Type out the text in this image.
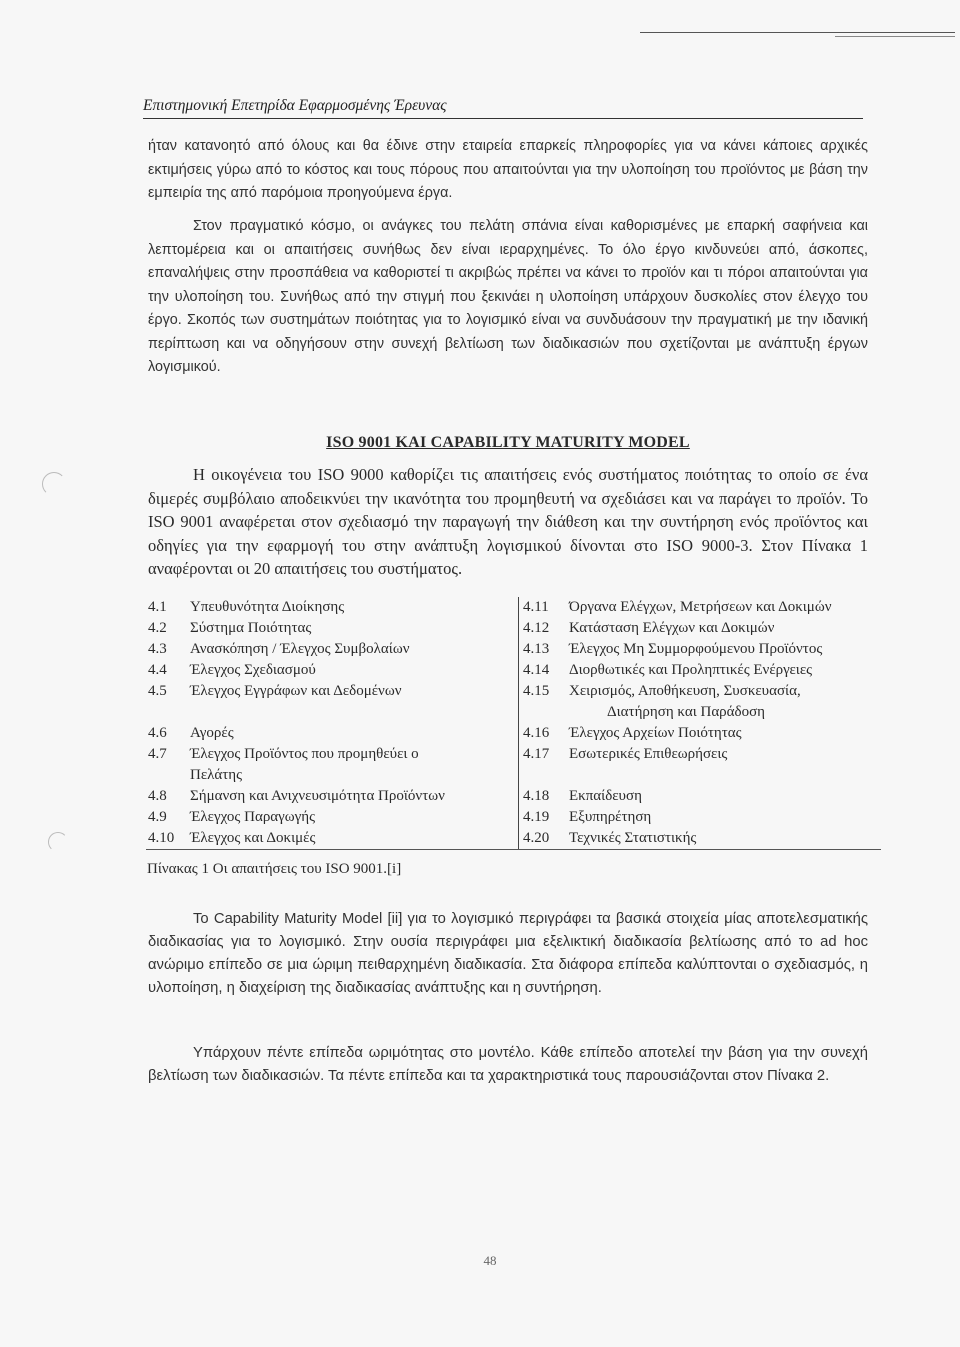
Επιστημονική Επετηρίδα Εφαρμοσμένης Έρευνας

ήταν κατανοητό από όλους και θα έδινε στην εταιρεία επαρκείς πληροφορίες για να κάνει κάποιες αρχικές εκτιμήσεις γύρω από το κόστος και τους πόρους που απαιτούνται για την υλοποίηση του προϊόντος με βάση την εμπειρία της από παρόμοια προηγούμενα έργα.

Στον πραγματικό κόσμο, οι ανάγκες του πελάτη σπάνια είναι καθορισμένες με επαρκή σαφήνεια και λεπτομέρεια και οι απαιτήσεις συνήθως δεν είναι ιεραρχημένες. Το όλο έργο κινδυνεύει από, άσκοπες, επαναλήψεις στην προσπάθεια να καθοριστεί τι ακριβώς πρέπει να κάνει το προϊόν και τι πόροι απαιτούνται για την υλοποίηση του. Συνήθως από την στιγμή που ξεκινάει η υλοποίηση υπάρχουν δυσκολίες στον έλεγχο του έργο. Σκοπός των συστημάτων ποιότητας για το λογισμικό είναι να συνδυάσουν την πραγματική με την ιδανική περίπτωση και να οδηγήσουν στην συνεχή βελτίωση των διαδικασιών που σχετίζονται με ανάπτυξη έργων λογισμικού.

ISO 9001 ΚΑΙ CAPABILITY MATURITY MODEL

Η οικογένεια του ISO 9000 καθορίζει τις απαιτήσεις ενός συστήματος ποιότητας το οποίο σε ένα διμερές συμβόλαιο αποδεικνύει την ικανότητα του προμηθευτή να σχεδιάσει και να παράγει το προϊόν. Το ISO 9001 αναφέρεται στον σχεδιασμό την παραγωγή την διάθεση και την συντήρηση ενός προϊόντος και οδηγίες για την εφαρμογή του στην ανάπτυξη λογισμικού δίνονται στο ISO 9000-3. Στον Πίνακα 1 αναφέρονται οι 20 απαιτήσεις του συστήματος.

4.1	Υπευθυνότητα Διοίκησης	4.11	Όργανα Ελέγχων, Μετρήσεων και Δοκιμών
4.2	Σύστημα Ποιότητας	4.12	Κατάσταση Ελέγχων και Δοκιμών
4.3	Ανασκόπηση / Έλεγχος Συμβολαίων	4.13	Έλεγχος Μη Συμμορφούμενου Προϊόντος
4.4	Έλεγχος Σχεδιασμού	4.14	Διορθωτικές και Προληπτικές Ενέργειες
4.5	Έλεγχος Εγγράφων και Δεδομένων	4.15	Χειρισμός, Αποθήκευση, Συσκευασία,
			Διατήρηση και Παράδοση
4.6	Αγορές	4.16	Έλεγχος Αρχείων Ποιότητας
4.7	Έλεγχος Προϊόντος που προμηθεύει ο	4.17	Εσωτερικές Επιθεωρήσεις
	Πελάτης		
4.8	Σήμανση και Ανιχνευσιμότητα Προϊόντων	4.18	Εκπαίδευση
4.9	Έλεγχος Παραγωγής	4.19	Εξυπηρέτηση
4.10	Έλεγχος και Δοκιμές	4.20	Τεχνικές Στατιστικής
Πίνακας 1 Οι απαιτήσεις του ISO 9001.[i]

Το Capability Maturity Model [ii] για το λογισμικό περιγράφει τα βασικά στοιχεία μίας αποτελεσματικής διαδικασίας για το λογισμικό. Στην ουσία περιγράφει μια εξελικτική διαδικασία βελτίωσης από το ad hoc ανώριμο επίπεδο σε μια ώριμη πειθαρχημένη διαδικασία. Στα διάφορα επίπεδα καλύπτονται ο σχεδιασμός, η υλοποίηση, η διαχείριση της διαδικασίας ανάπτυξης και η συντήρηση.

Υπάρχουν πέντε επίπεδα ωριμότητας στο μοντέλο. Κάθε επίπεδο αποτελεί την βάση για την συνεχή βελτίωση των διαδικασιών. Τα πέντε επίπεδα και τα χαρακτηριστικά τους παρουσιάζονται στον Πίνακα 2.

48
